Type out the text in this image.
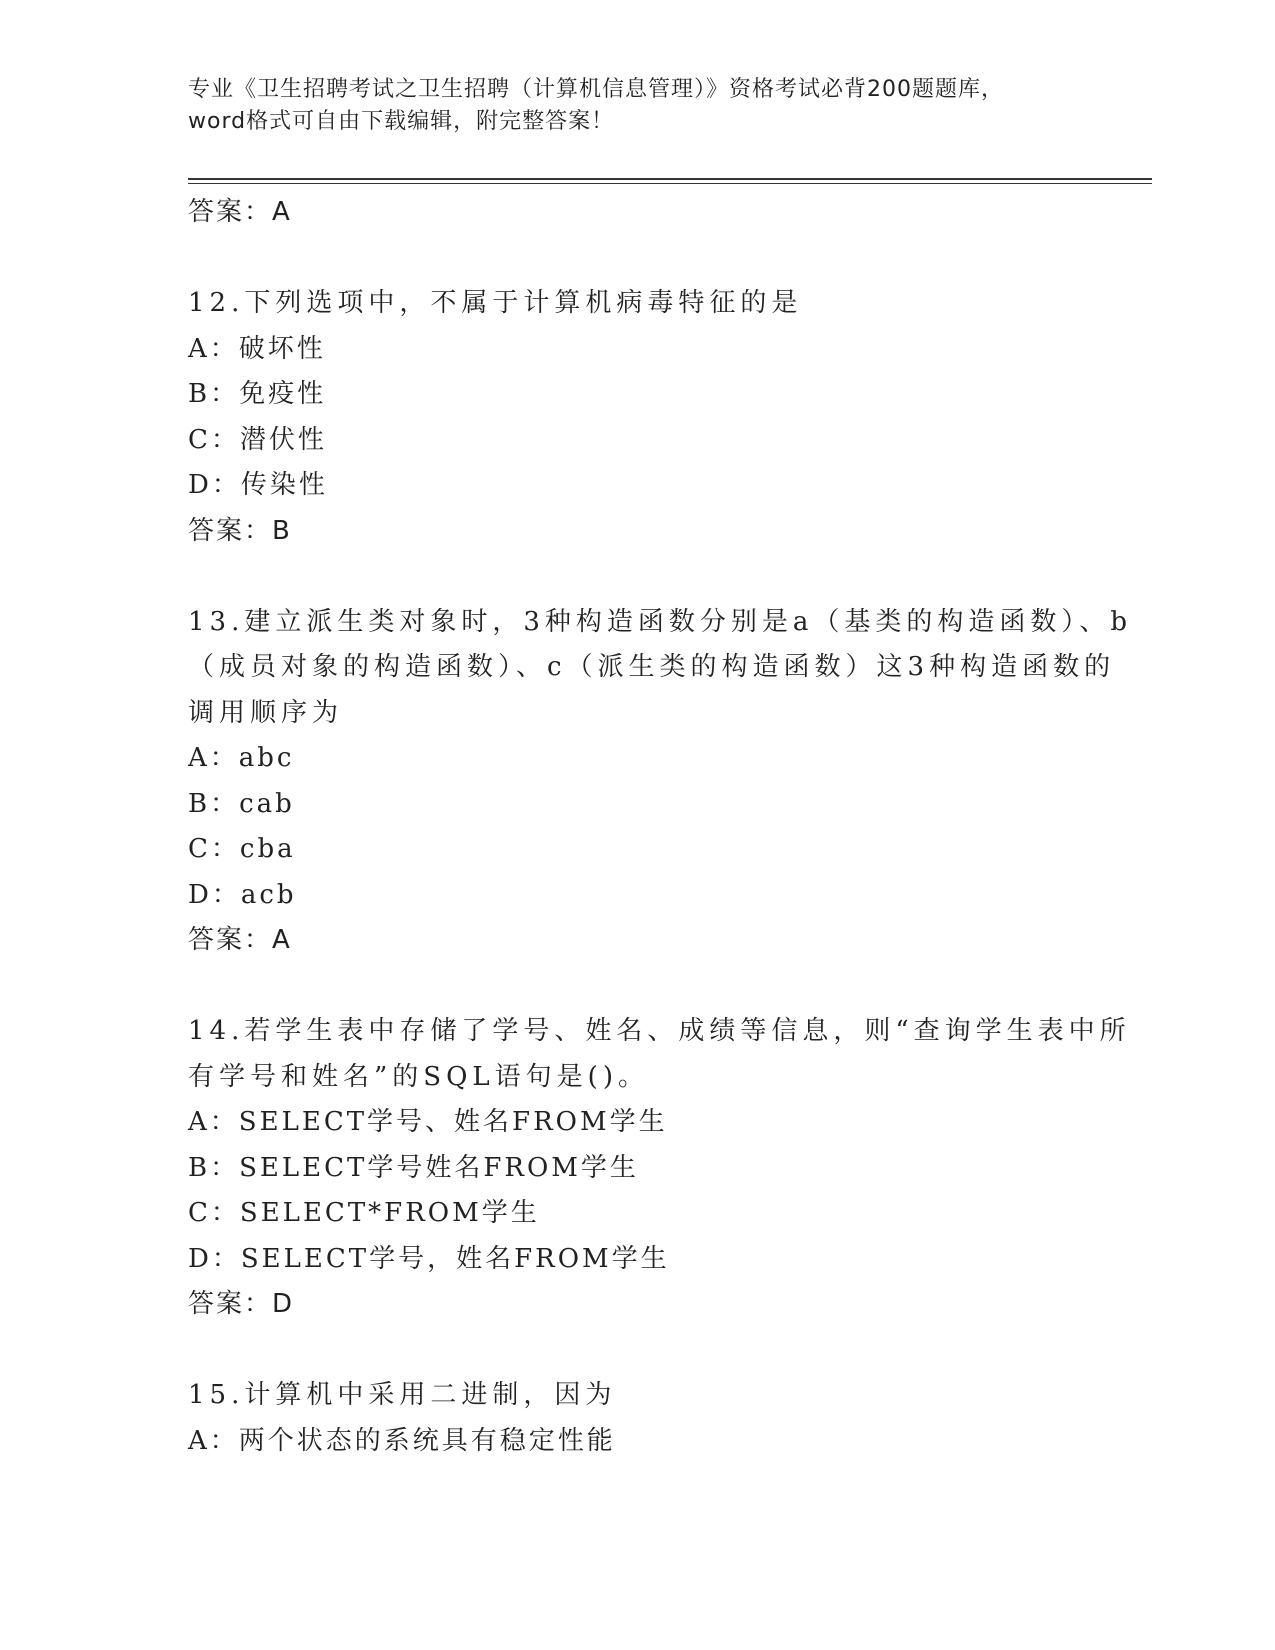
专业《卫生招聘考试之卫生招聘（计算机信息管理）》资格考试必背200题题库，
word格式可自由下载编辑，附完整答案！
答案：A
12.下列选项中，不属于计算机病毒特征的是
A：破坏性
B：免疫性
C：潜伏性
D：传染性
答案：B
13.建立派生类对象时，3种构造函数分别是a（基类的构造函数）、b
（成员对象的构造函数）、c（派生类的构造函数）这3种构造函数的
调用顺序为
A：abc
B：cab
C：cba
D：acb
答案：A
14.若学生表中存储了学号、姓名、成绩等信息，则“查询学生表中所
有学号和姓名”的SQL语句是()。
A：SELECT学号、姓名FROM学生
B：SELECT学号姓名FROM学生
C：SELECT*FROM学生
D：SELECT学号，姓名FROM学生
答案：D
15.计算机中采用二进制，因为
A：两个状态的系统具有稳定性能
